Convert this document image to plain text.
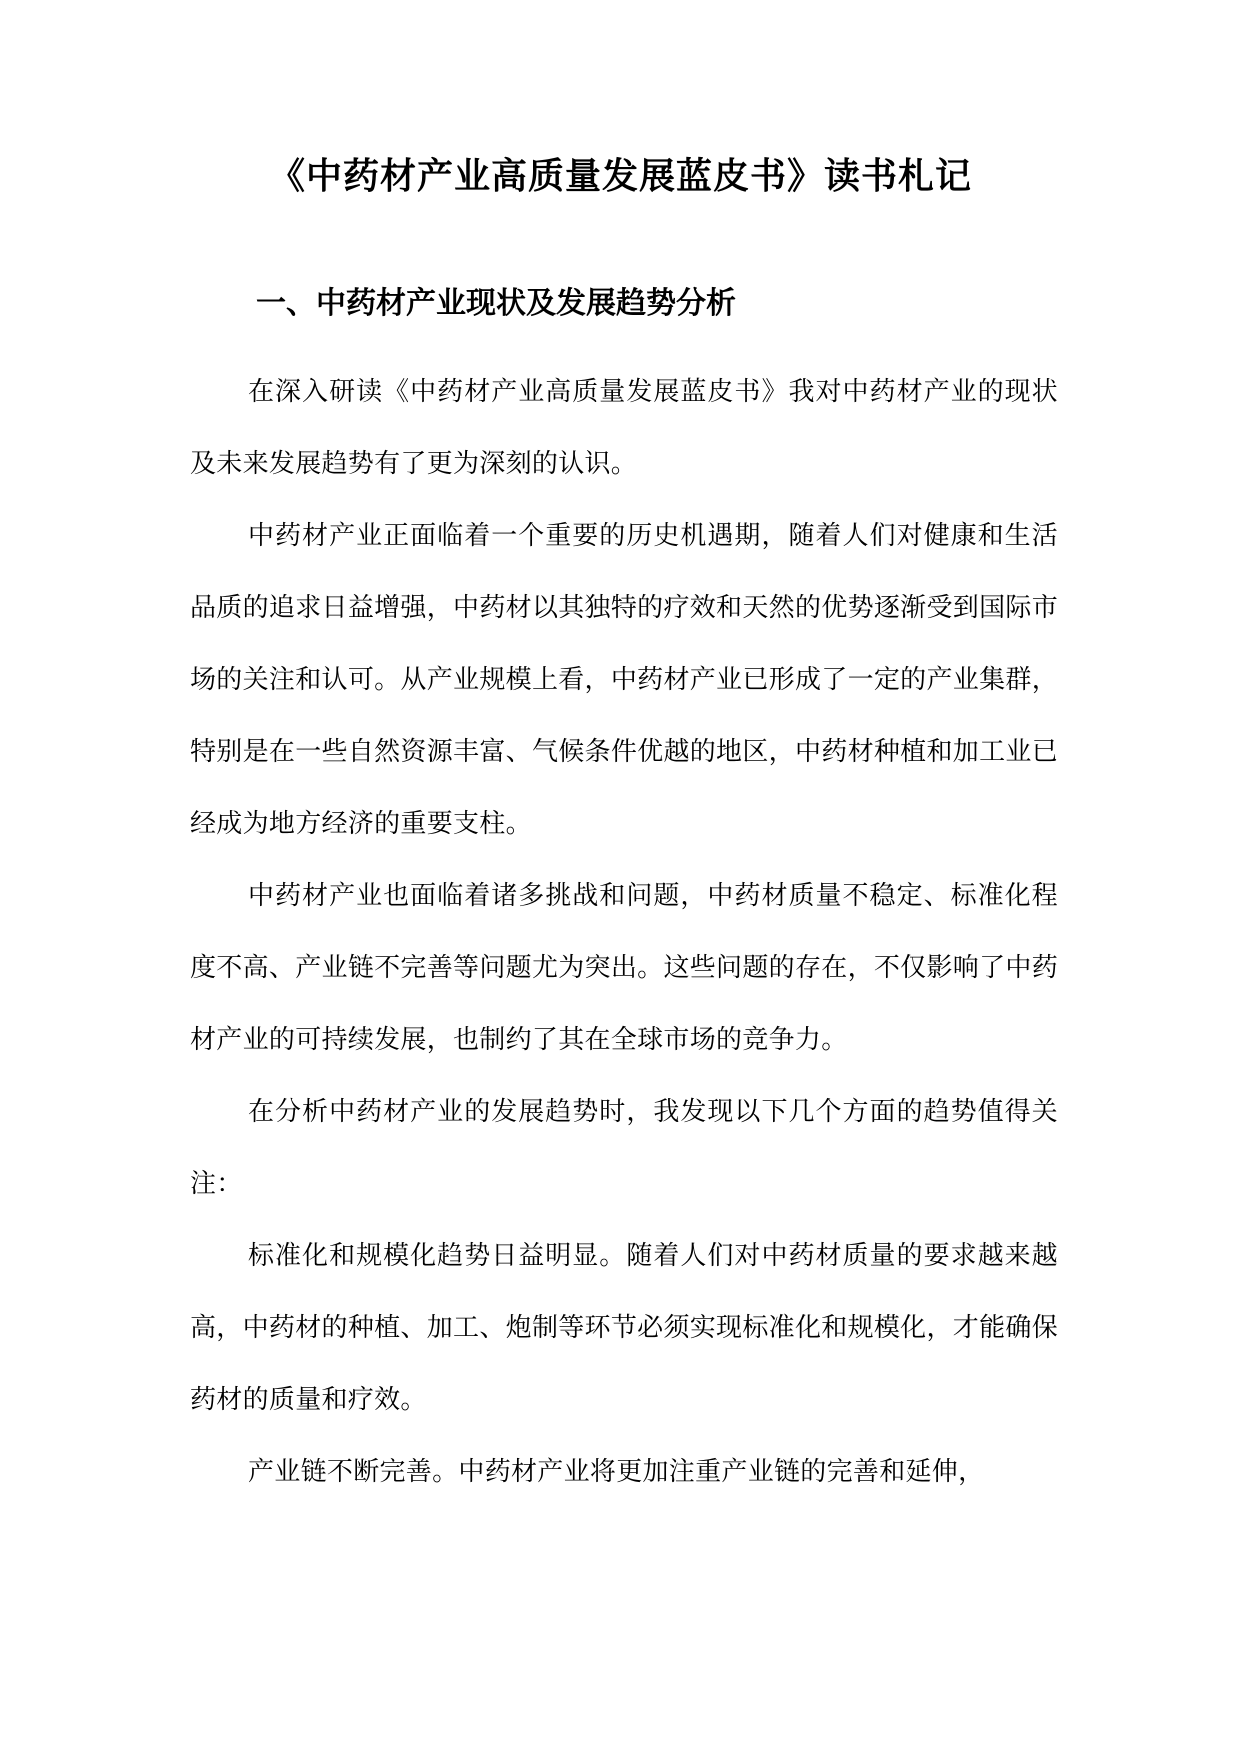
《中药材产业高质量发展蓝皮书》读书札记
一、中药材产业现状及发展趋势分析

在深入研读《中药材产业高质量发展蓝皮书》我对中药材产业的现状及未来发展趋势有了更为深刻的认识。

中药材产业正面临着一个重要的历史机遇期，随着人们对健康和生活品质的追求日益增强，中药材以其独特的疗效和天然的优势逐渐受到国际市场的关注和认可。从产业规模上看，中药材产业已形成了一定的产业集群，特别是在一些自然资源丰富、气候条件优越的地区，中药材种植和加工业已经成为地方经济的重要支柱。

中药材产业也面临着诸多挑战和问题，中药材质量不稳定、标准化程度不高、产业链不完善等问题尤为突出。这些问题的存在，不仅影响了中药材产业的可持续发展，也制约了其在全球市场的竞争力。

在分析中药材产业的发展趋势时，我发现以下几个方面的趋势值得关注：

标准化和规模化趋势日益明显。随着人们对中药材质量的要求越来越高，中药材的种植、加工、炮制等环节必须实现标准化和规模化，才能确保药材的质量和疗效。

产业链不断完善。中药材产业将更加注重产业链的完善和延伸，
